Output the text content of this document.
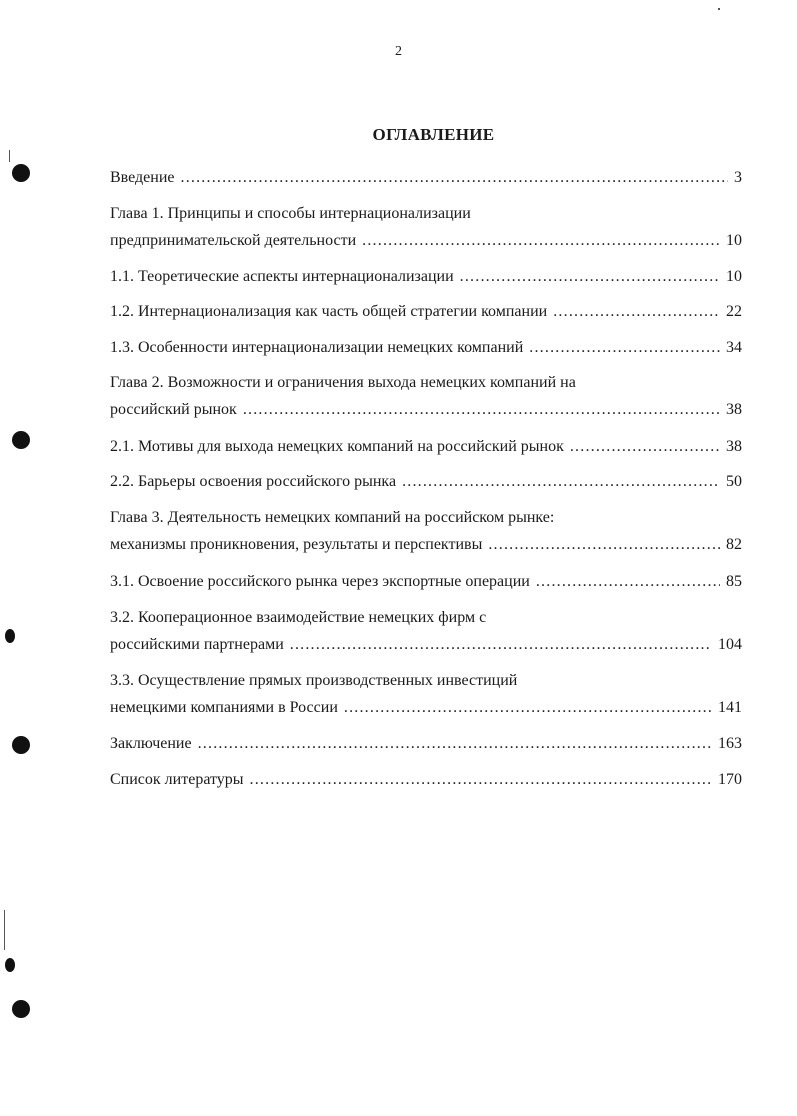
2
ОГЛАВЛЕНИЕ
Введение .....	3
Глава 1. Принципы и способы интернационализации
предпринимательской деятельности .....	10
1.1. Теоретические аспекты интернационализации .....	10
1.2. Интернационализация как часть общей стратегии компании .....	22
1.3. Особенности интернационализации немецких компаний .....	34
Глава 2. Возможности и ограничения выхода немецких компаний на
российский рынок .....	38
2.1. Мотивы для выхода немецких компаний на российский рынок .....	38
2.2. Барьеры освоения российского рынка .....	50
Глава 3. Деятельность немецких компаний на российском рынке:
механизмы проникновения, результаты и перспективы .....	82
3.1. Освоение российского рынка через экспортные операции .....	85
3.2. Кооперационное взаимодействие немецких фирм с
российскими партнерами .....	104
3.3. Осуществление прямых производственных инвестиций
немецкими компаниями в России .....	141
Заключение .....	163
Список литературы .....	170
